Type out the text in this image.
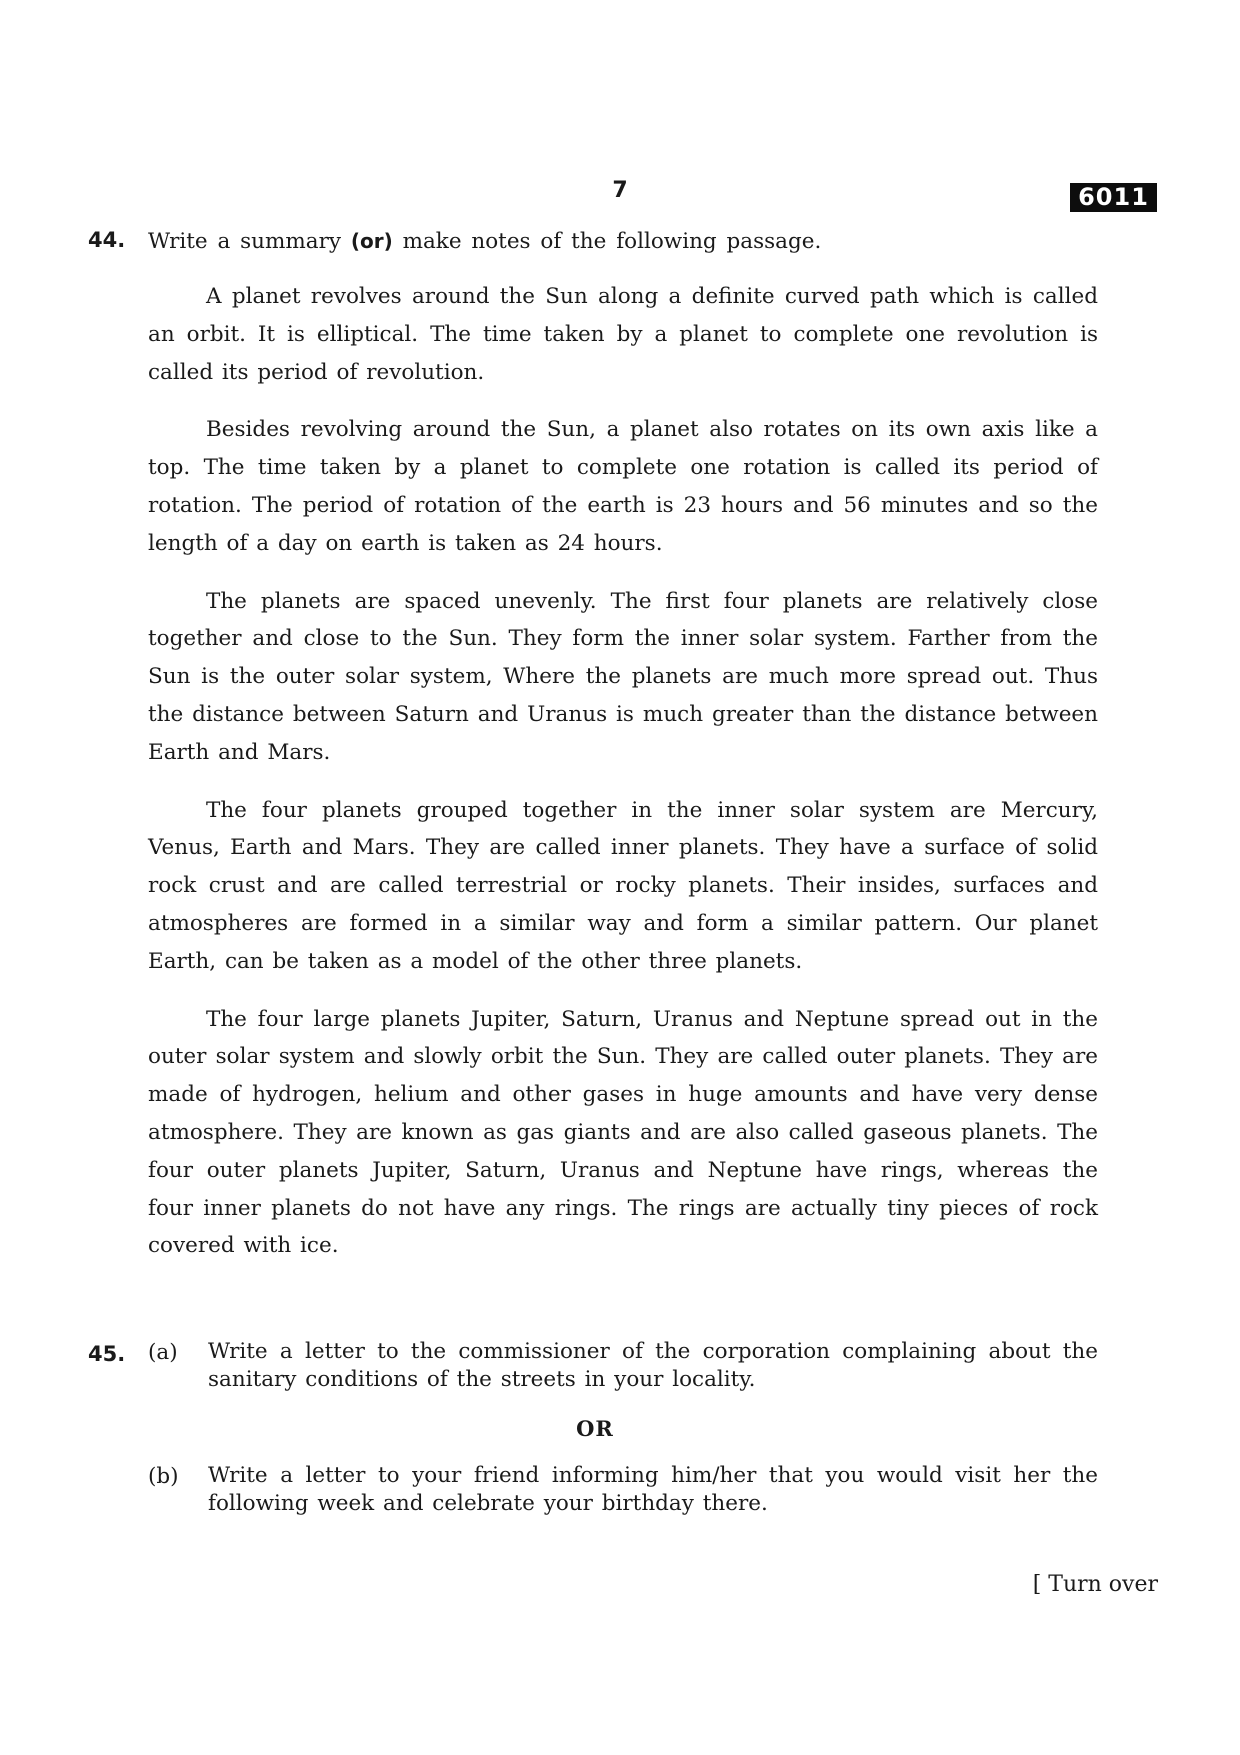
7	6011
44. Write a summary (or) make notes of the following passage.

A planet revolves around the Sun along a definite curved path which is called an orbit. It is elliptical. The time taken by a planet to complete one revolution is called its period of revolution.

Besides revolving around the Sun, a planet also rotates on its own axis like a top. The time taken by a planet to complete one rotation is called its period of rotation. The period of rotation of the earth is 23 hours and 56 minutes and so the length of a day on earth is taken as 24 hours.

The planets are spaced unevenly. The first four planets are relatively close together and close to the Sun. They form the inner solar system. Farther from the Sun is the outer solar system, Where the planets are much more spread out. Thus the distance between Saturn and Uranus is much greater than the distance between Earth and Mars.

The four planets grouped together in the inner solar system are Mercury, Venus, Earth and Mars. They are called inner planets. They have a surface of solid rock crust and are called terrestrial or rocky planets. Their insides, surfaces and atmospheres are formed in a similar way and form a similar pattern. Our planet Earth, can be taken as a model of the other three planets.

The four large planets Jupiter, Saturn, Uranus and Neptune spread out in the outer solar system and slowly orbit the Sun. They are called outer planets. They are made of hydrogen, helium and other gases in huge amounts and have very dense atmosphere. They are known as gas giants and are also called gaseous planets. The four outer planets Jupiter, Saturn, Uranus and Neptune have rings, whereas the four inner planets do not have any rings. The rings are actually tiny pieces of rock covered with ice.

45. (a) Write a letter to the commissioner of the corporation complaining about the sanitary conditions of the streets in your locality.
OR
(b) Write a letter to your friend informing him/her that you would visit her the following week and celebrate your birthday there.
[ Turn over
